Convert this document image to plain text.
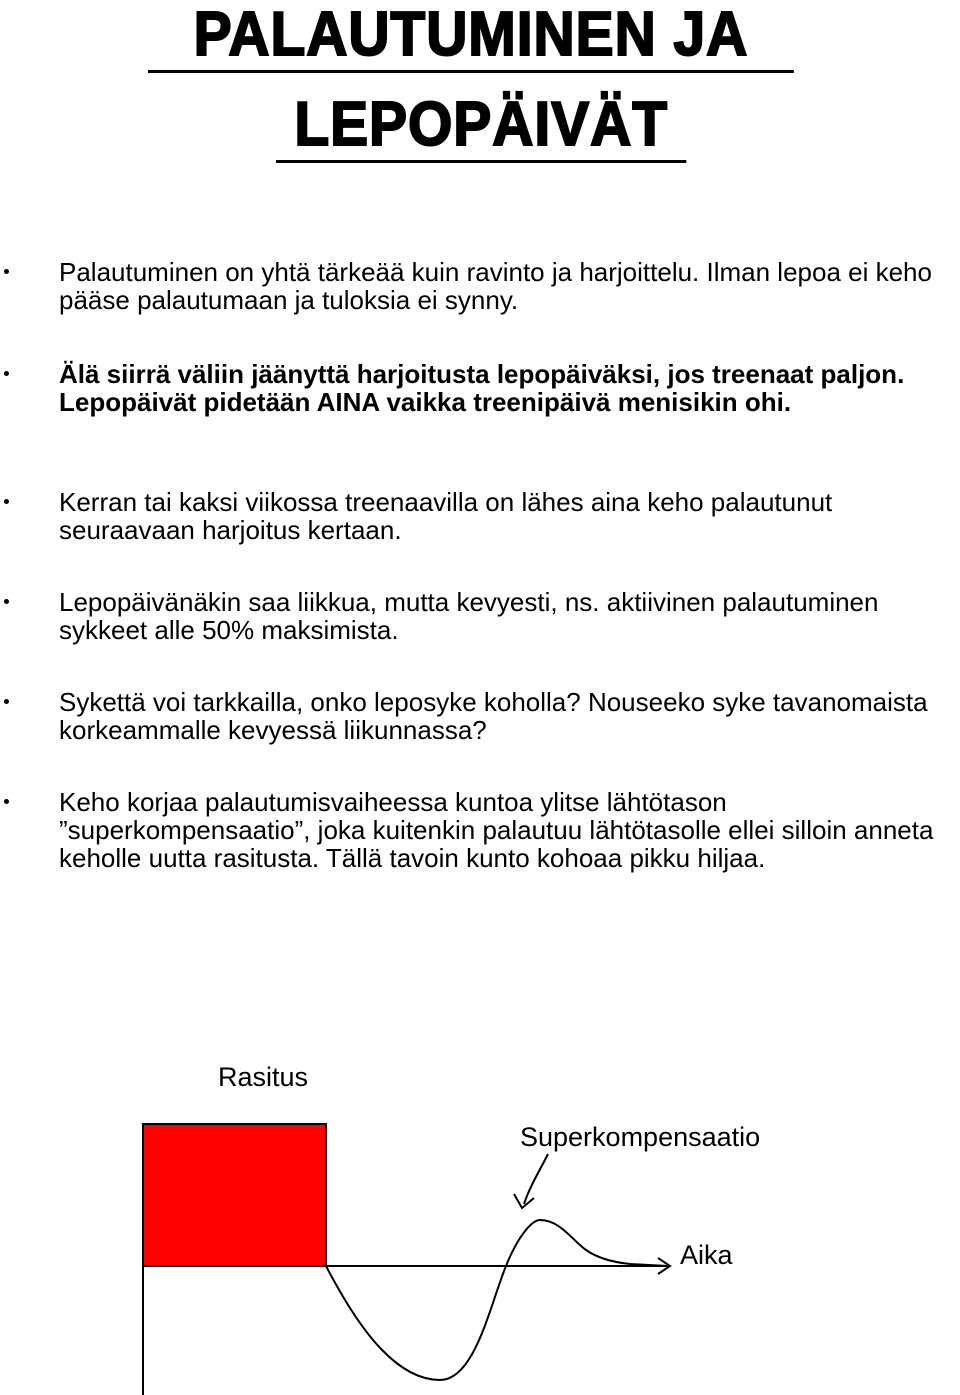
PALAUTUMINEN JA
LEPOPÄIVÄT
Palautuminen on yhtä tärkeää kuin ravinto ja harjoittelu. Ilman lepoa ei keho pääse palautumaan ja tuloksia ei synny.
Älä siirrä väliin jäänyttä harjoitusta lepopäiväksi, jos treenaat paljon. Lepopäivät pidetään AINA vaikka treenipäivä menisikin ohi.
Kerran tai kaksi viikossa treenaavilla on lähes aina keho palautunut seuraavaan harjoitus kertaan.
Lepopäivänäkin saa liikkua, mutta kevyesti, ns. aktiivinen palautuminen sykkeet alle 50% maksimista.
Sykettä voi tarkkailla, onko leposyke koholla? Nouseeko syke tavanomaista korkeammalle kevyessä liikunnassa?
Keho korjaa palautumisvaiheessa kuntoa ylitse lähtötason ”superkompensaatio”, joka kuitenkin palautuu lähtötasolle ellei silloin anneta keholle uutta rasitusta. Tällä tavoin kunto kohoaa pikku hiljaa.
Rasitus
Superkompensaatio
Aika
